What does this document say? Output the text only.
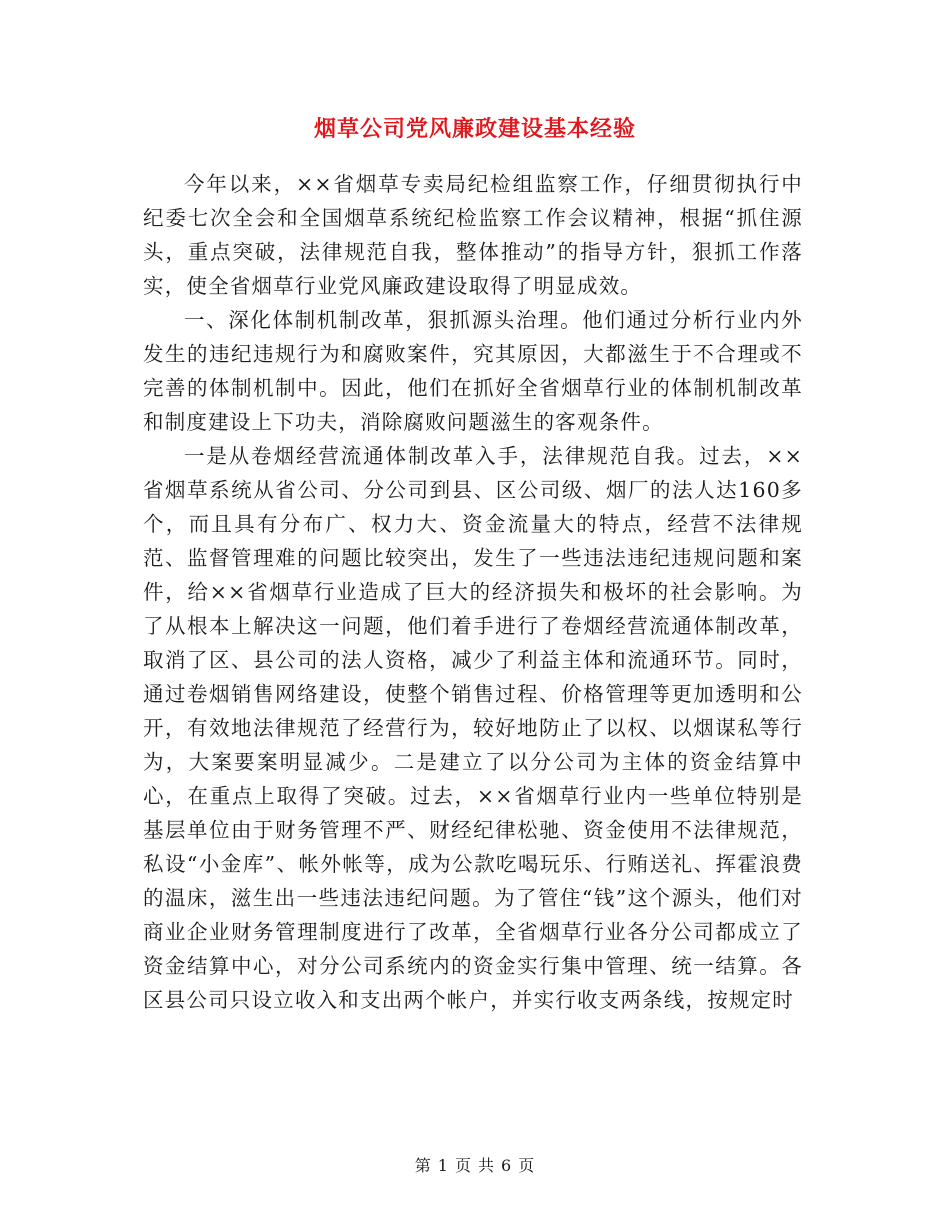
烟草公司党风廉政建设基本经验

今年以来，××省烟草专卖局纪检组监察工作，仔细贯彻执行中纪委七次全会和全国烟草系统纪检监察工作会议精神，根据“抓住源头，重点突破，法律规范自我，整体推动”的指导方针，狠抓工作落实，使全省烟草行业党风廉政建设取得了明显成效。

一、深化体制机制改革，狠抓源头治理。他们通过分析行业内外发生的违纪违规行为和腐败案件，究其原因，大都滋生于不合理或不完善的体制机制中。因此，他们在抓好全省烟草行业的体制机制改革和制度建设上下功夫，消除腐败问题滋生的客观条件。

一是从卷烟经营流通体制改革入手，法律规范自我。过去，××省烟草系统从省公司、分公司到县、区公司级、烟厂的法人达160多个，而且具有分布广、权力大、资金流量大的特点，经营不法律规范、监督管理难的问题比较突出，发生了一些违法违纪违规问题和案件，给××省烟草行业造成了巨大的经济损失和极坏的社会影响。为了从根本上解决这一问题，他们着手进行了卷烟经营流通体制改革，取消了区、县公司的法人资格，减少了利益主体和流通环节。同时，通过卷烟销售网络建设，使整个销售过程、价格管理等更加透明和公开，有效地法律规范了经营行为，较好地防止了以权、以烟谋私等行为，大案要案明显减少。二是建立了以分公司为主体的资金结算中心，在重点上取得了突破。过去，××省烟草行业内一些单位特别是基层单位由于财务管理不严、财经纪律松驰、资金使用不法律规范，私设“小金库”、帐外帐等，成为公款吃喝玩乐、行贿送礼、挥霍浪费的温床，滋生出一些违法违纪问题。为了管住“钱”这个源头，他们对商业企业财务管理制度进行了改革，全省烟草行业各分公司都成立了资金结算中心，对分公司系统内的资金实行集中管理、统一结算。各区县公司只设立收入和支出两个帐户，并实行收支两条线，按规定时

第 1 页 共 6 页
